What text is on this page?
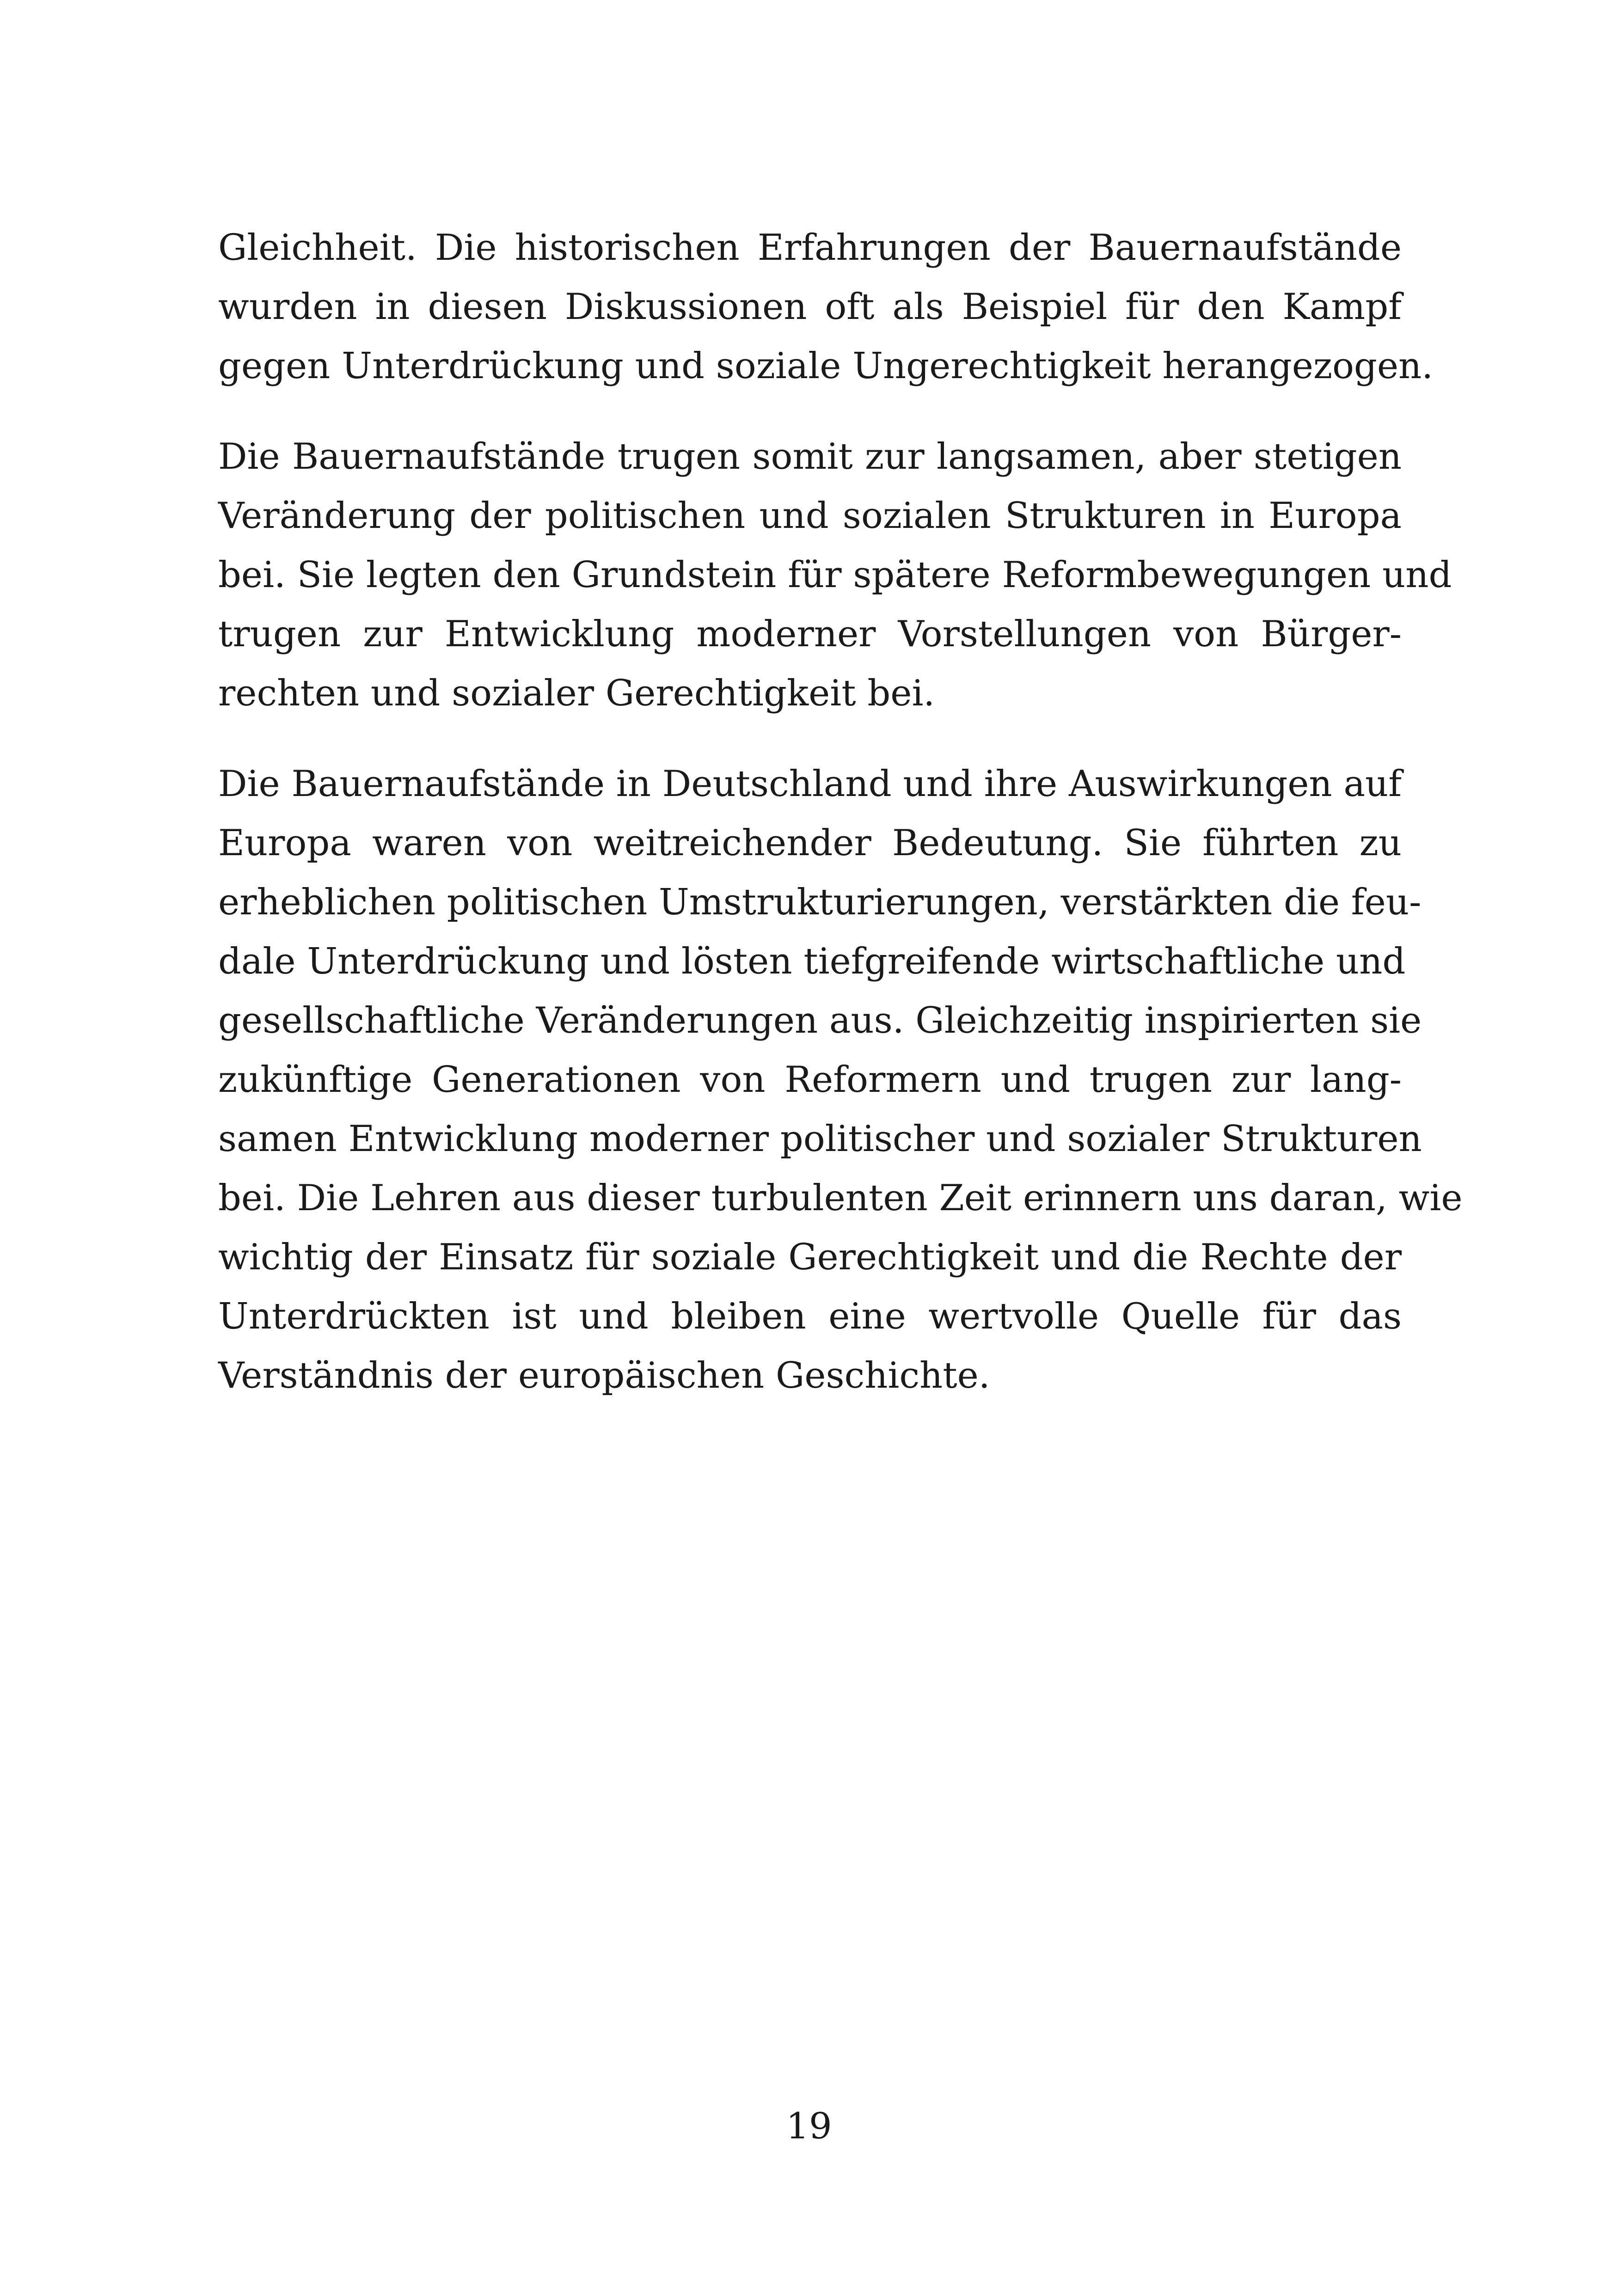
Gleichheit. Die historischen Erfahrungen der Bauernaufstände
wurden in diesen Diskussionen oft als Beispiel für den Kampf
gegen Unterdrückung und soziale Ungerechtigkeit herangezogen.
Die Bauernaufstände trugen somit zur langsamen, aber stetigen
Veränderung der politischen und sozialen Strukturen in Europa
bei. Sie legten den Grundstein für spätere Reformbewegungen und
trugen zur Entwicklung moderner Vorstellungen von Bürger-
rechten und sozialer Gerechtigkeit bei.
Die Bauernaufstände in Deutschland und ihre Auswirkungen auf
Europa waren von weitreichender Bedeutung. Sie führten zu
erheblichen politischen Umstrukturierungen, verstärkten die feu-
dale Unterdrückung und lösten tiefgreifende wirtschaftliche und
gesellschaftliche Veränderungen aus. Gleichzeitig inspirierten sie
zukünftige Generationen von Reformern und trugen zur lang-
samen Entwicklung moderner politischer und sozialer Strukturen
bei. Die Lehren aus dieser turbulenten Zeit erinnern uns daran, wie
wichtig der Einsatz für soziale Gerechtigkeit und die Rechte der
Unterdrückten ist und bleiben eine wertvolle Quelle für das
Verständnis der europäischen Geschichte.
19
